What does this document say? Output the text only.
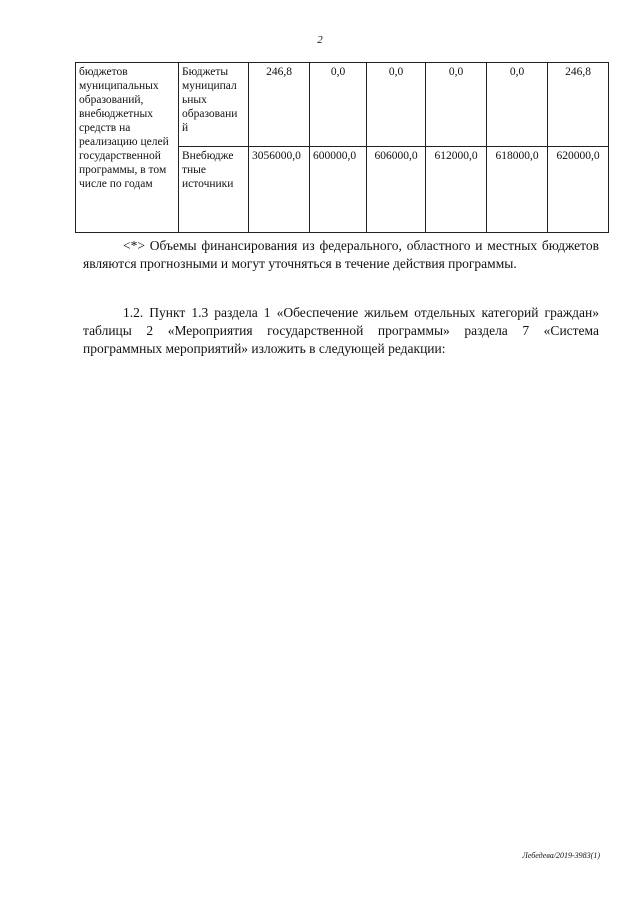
2
бюджетов муниципальных образований, внебюджетных средств на реализацию целей государственной программы, в том числе по годам	Бюджеты муниципал ьных образовани й	246,8	0,0	0,0	0,0	0,0	246,8
	Внебюдже тные источники	3056000,0	600000,0	606000,0	612000,0	618000,0	620000,0
<*> Объемы финансирования из федерального, областного и местных бюджетов являются прогнозными и могут уточняться в течение действия программы.
1.2. Пункт 1.3 раздела 1 «Обеспечение жильем отдельных категорий граждан» таблицы 2 «Мероприятия государственной программы» раздела 7 «Система программных мероприятий» изложить в следующей редакции:
Лебедева/2019-3983(1)
